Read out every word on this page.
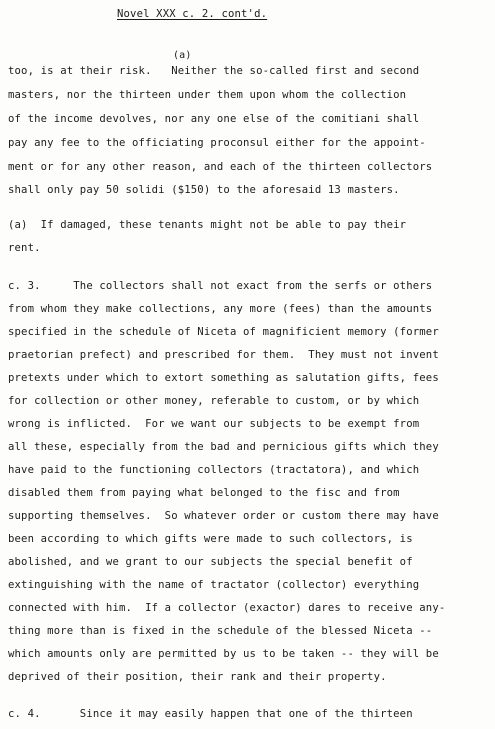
Novel XXX c. 2. cont'd.
(a)
too, is at their risk.   Neither the so-called first and second
masters, nor the thirteen under them upon whom the collection
of the income devolves, nor any one else of the comitiani shall
pay any fee to the officiating proconsul either for the appoint-
ment or for any other reason, and each of the thirteen collectors
shall only pay 50 solidi ($150) to the aforesaid 13 masters.
(a)  If damaged, these tenants might not be able to pay their
rent.
c. 3.     The collectors shall not exact from the serfs or others
from whom they make collections, any more (fees) than the amounts
specified in the schedule of Niceta of magnificient memory (former
praetorian prefect) and prescribed for them.  They must not invent
pretexts under which to extort something as salutation gifts, fees
for collection or other money, referable to custom, or by which
wrong is inflicted.  For we want our subjects to be exempt from
all these, especially from the bad and pernicious gifts which they
have paid to the functioning collectors (tractatora), and which
disabled them from paying what belonged to the fisc and from
supporting themselves.  So whatever order or custom there may have
been according to which gifts were made to such collectors, is
abolished, and we grant to our subjects the special benefit of
extinguishing with the name of tractator (collector) everything
connected with him.  If a collector (exactor) dares to receive any-
thing more than is fixed in the schedule of the blessed Niceta --
which amounts only are permitted by us to be taken -- they will be
deprived of their position, their rank and their property.
c. 4.      Since it may easily happen that one of the thirteen
